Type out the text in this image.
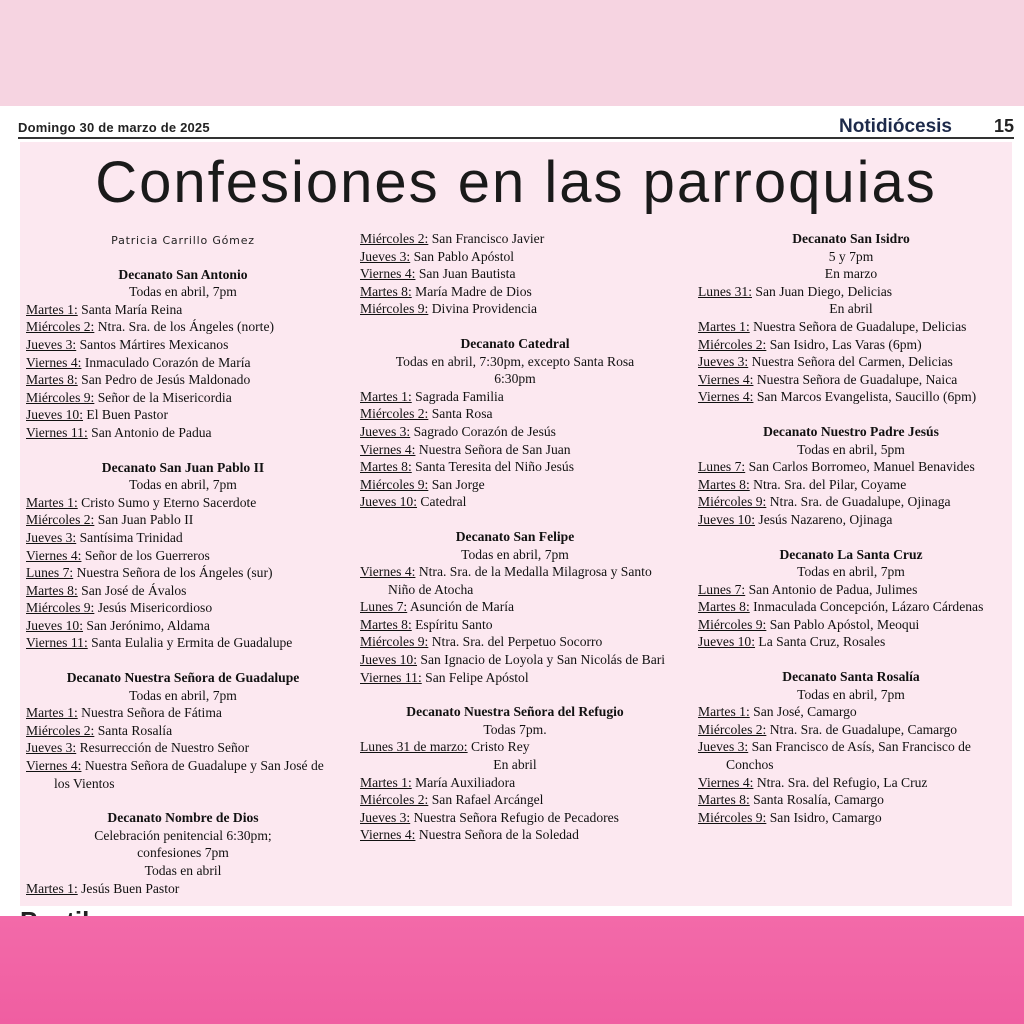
Domingo 30 de marzo de 2025	Notidiócesis 15
Confesiones en las parroquias
Patricia Carrillo Gómez
Decanato San Antonio
Todas en abril, 7pm
Martes 1: Santa María Reina
Miércoles 2: Ntra. Sra. de los Ángeles (norte)
Jueves 3: Santos Mártires Mexicanos
Viernes 4: Inmaculado Corazón de María
Martes 8: San Pedro de Jesús Maldonado
Miércoles 9: Señor de la Misericordia
Jueves 10: El Buen Pastor
Viernes 11: San Antonio de Padua
Decanato San Juan Pablo II
Todas en abril, 7pm
Martes 1: Cristo Sumo y Eterno Sacerdote
Miércoles 2: San Juan Pablo II
Jueves 3: Santísima Trinidad
Viernes 4: Señor de los Guerreros
Lunes 7: Nuestra Señora de los Ángeles (sur)
Martes 8: San José de Ávalos
Miércoles 9: Jesús Misericordioso
Jueves 10: San Jerónimo, Aldama
Viernes 11: Santa Eulalia y Ermita de Guadalupe
Decanato Nuestra Señora de Guadalupe
Todas en abril, 7pm
Martes 1: Nuestra Señora de Fátima
Miércoles 2: Santa Rosalía
Jueves 3: Resurrección de Nuestro Señor
Viernes 4: Nuestra Señora de Guadalupe y San José de los Vientos
Decanato Nombre de Dios
Celebración penitencial 6:30pm;
confesiones 7pm
Todas en abril
Martes 1: Jesús Buen Pastor
Miércoles 2: San Francisco Javier
Jueves 3: San Pablo Apóstol
Viernes 4: San Juan Bautista
Martes 8: María Madre de Dios
Miércoles 9: Divina Providencia
Decanato Catedral
Todas en abril, 7:30pm, excepto Santa Rosa
6:30pm
Martes 1: Sagrada Familia
Miércoles 2: Santa Rosa
Jueves 3: Sagrado Corazón de Jesús
Viernes 4: Nuestra Señora de San Juan
Martes 8: Santa Teresita del Niño Jesús
Miércoles 9: San Jorge
Jueves 10: Catedral
Decanato San Felipe
Todas en abril, 7pm
Viernes 4: Ntra. Sra. de la Medalla Milagrosa y Santo Niño de Atocha
Lunes 7: Asunción de María
Martes 8: Espíritu Santo
Miércoles 9: Ntra. Sra. del Perpetuo Socorro
Jueves 10: San Ignacio de Loyola y San Nicolás de Bari
Viernes 11: San Felipe Apóstol
Decanato Nuestra Señora del Refugio
Todas 7pm.
Lunes 31 de marzo: Cristo Rey
En abril
Martes 1: María Auxiliadora
Miércoles 2: San Rafael Arcángel
Jueves 3: Nuestra Señora Refugio de Pecadores
Viernes 4: Nuestra Señora de la Soledad
Decanato San Isidro
5 y 7pm
En marzo
Lunes 31: San Juan Diego, Delicias
En abril
Martes 1: Nuestra Señora de Guadalupe, Delicias
Miércoles 2: San Isidro, Las Varas (6pm)
Jueves 3: Nuestra Señora del Carmen, Delicias
Viernes 4: Nuestra Señora de Guadalupe, Naica
Viernes 4: San Marcos Evangelista, Saucillo (6pm)
Decanato Nuestro Padre Jesús
Todas en abril, 5pm
Lunes 7: San Carlos Borromeo, Manuel Benavides
Martes 8: Ntra. Sra. del Pilar, Coyame
Miércoles 9: Ntra. Sra. de Guadalupe, Ojinaga
Jueves 10: Jesús Nazareno, Ojinaga
Decanato La Santa Cruz
Todas en abril, 7pm
Lunes 7: San Antonio de Padua, Julimes
Martes 8: Inmaculada Concepción, Lázaro Cárdenas
Miércoles 9: San Pablo Apóstol, Meoqui
Jueves 10: La Santa Cruz, Rosales
Decanato Santa Rosalía
Todas en abril, 7pm
Martes 1: San José, Camargo
Miércoles 2: Ntra. Sra. de Guadalupe, Camargo
Jueves 3: San Francisco de Asís, San Francisco de Conchos
Viernes 4: Ntra. Sra. del Refugio, La Cruz
Martes 8: Santa Rosalía, Camargo
Miércoles 9: San Isidro, Camargo
